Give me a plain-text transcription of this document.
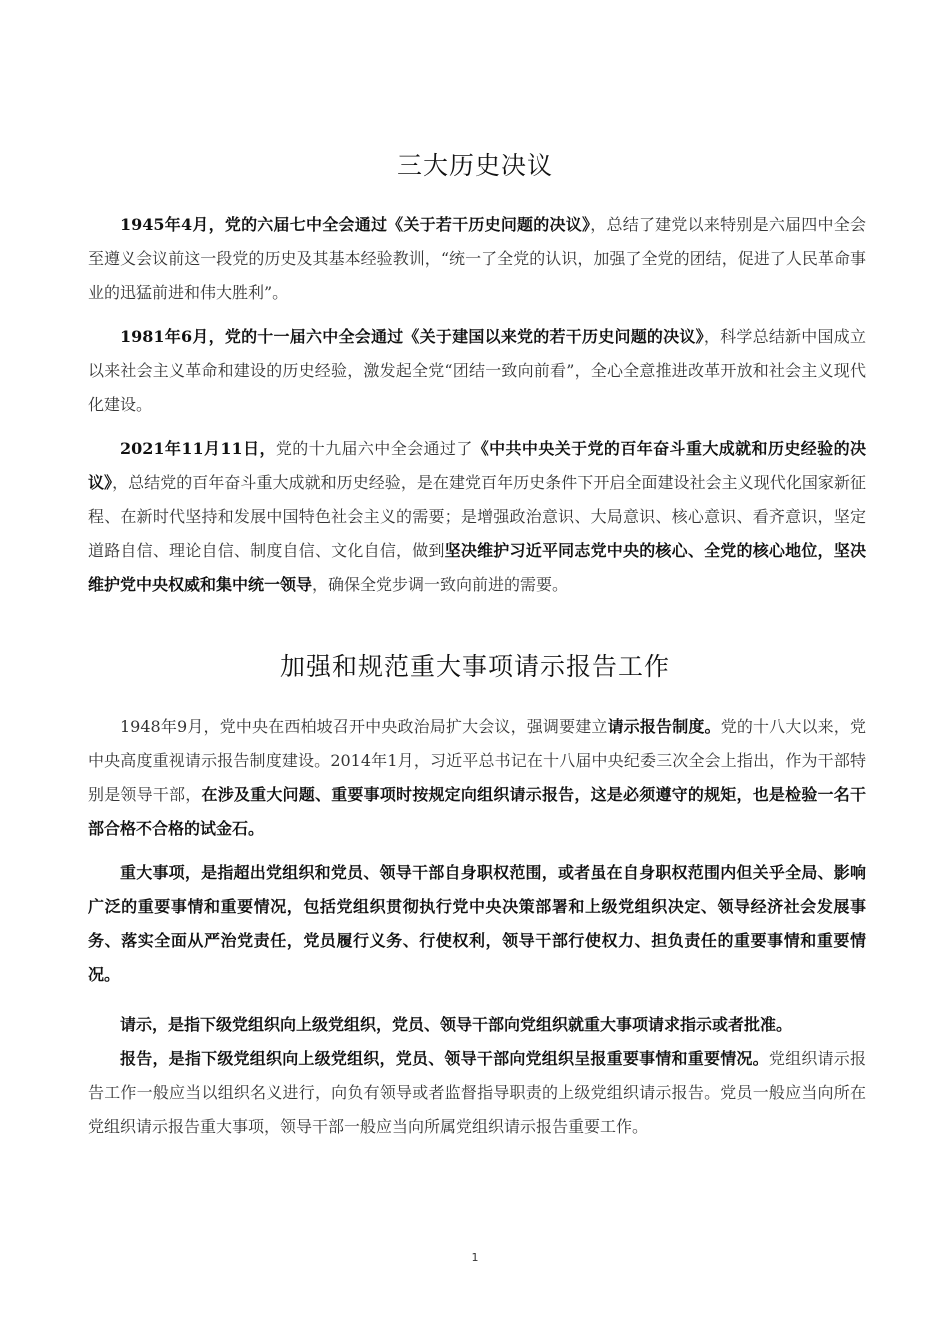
三大历史决议

1945年4月，党的六届七中全会通过《关于若干历史问题的决议》，总结了建党以来特别是六届四中全会至遵义会议前这一段党的历史及其基本经验教训，“统一了全党的认识，加强了全党的团结，促进了人民革命事业的迅猛前进和伟大胜利”。

1981年6月，党的十一届六中全会通过《关于建国以来党的若干历史问题的决议》，科学总结新中国成立以来社会主义革命和建设的历史经验，激发起全党“团结一致向前看”，全心全意推进改革开放和社会主义现代化建设。

2021年11月11日，党的十九届六中全会通过了《中共中央关于党的百年奋斗重大成就和历史经验的决议》，总结党的百年奋斗重大成就和历史经验，是在建党百年历史条件下开启全面建设社会主义现代化国家新征程、在新时代坚持和发展中国特色社会主义的需要；是增强政治意识、大局意识、核心意识、看齐意识，坚定道路自信、理论自信、制度自信、文化自信，做到坚决维护习近平同志党中央的核心、全党的核心地位，坚决维护党中央权威和集中统一领导，确保全党步调一致向前进的需要。

加强和规范重大事项请示报告工作

1948年9月，党中央在西柏坡召开中央政治局扩大会议，强调要建立请示报告制度。党的十八大以来，党中央高度重视请示报告制度建设。2014年1月，习近平总书记在十八届中央纪委三次全会上指出，作为干部特别是领导干部，在涉及重大问题、重要事项时按规定向组织请示报告，这是必须遵守的规矩，也是检验一名干部合格不合格的试金石。

重大事项，是指超出党组织和党员、领导干部自身职权范围，或者虽在自身职权范围内但关乎全局、影响广泛的重要事情和重要情况，包括党组织贯彻执行党中央决策部署和上级党组织决定、领导经济社会发展事务、落实全面从严治党责任，党员履行义务、行使权利，领导干部行使权力、担负责任的重要事情和重要情况。

请示，是指下级党组织向上级党组织，党员、领导干部向党组织就重大事项请求指示或者批准。

报告，是指下级党组织向上级党组织，党员、领导干部向党组织呈报重要事情和重要情况。党组织请示报告工作一般应当以组织名义进行，向负有领导或者监督指导职责的上级党组织请示报告。党员一般应当向所在党组织请示报告重大事项，领导干部一般应当向所属党组织请示报告重要工作。

1
